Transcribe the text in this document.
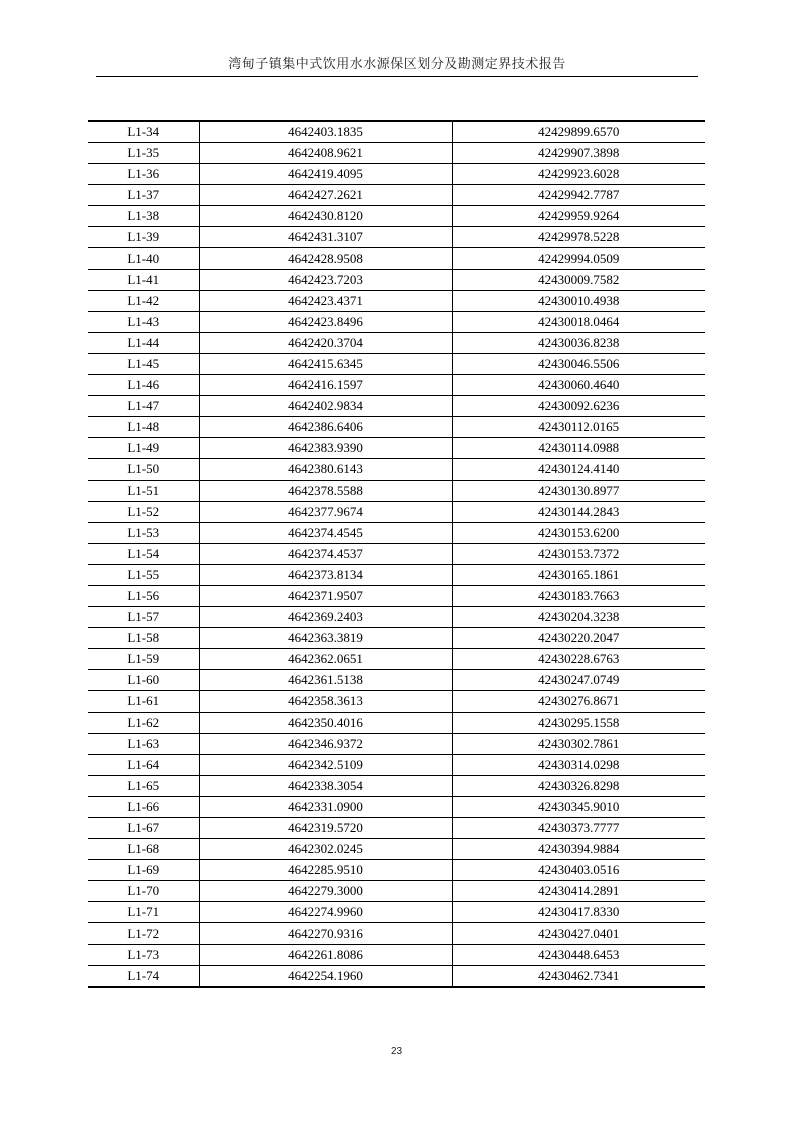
湾甸子镇集中式饮用水水源保区划分及勘测定界技术报告
L1-34	4642403.1835	42429899.6570
L1-35	4642408.9621	42429907.3898
L1-36	4642419.4095	42429923.6028
L1-37	4642427.2621	42429942.7787
L1-38	4642430.8120	42429959.9264
L1-39	4642431.3107	42429978.5228
L1-40	4642428.9508	42429994.0509
L1-41	4642423.7203	42430009.7582
L1-42	4642423.4371	42430010.4938
L1-43	4642423.8496	42430018.0464
L1-44	4642420.3704	42430036.8238
L1-45	4642415.6345	42430046.5506
L1-46	4642416.1597	42430060.4640
L1-47	4642402.9834	42430092.6236
L1-48	4642386.6406	42430112.0165
L1-49	4642383.9390	42430114.0988
L1-50	4642380.6143	42430124.4140
L1-51	4642378.5588	42430130.8977
L1-52	4642377.9674	42430144.2843
L1-53	4642374.4545	42430153.6200
L1-54	4642374.4537	42430153.7372
L1-55	4642373.8134	42430165.1861
L1-56	4642371.9507	42430183.7663
L1-57	4642369.2403	42430204.3238
L1-58	4642363.3819	42430220.2047
L1-59	4642362.0651	42430228.6763
L1-60	4642361.5138	42430247.0749
L1-61	4642358.3613	42430276.8671
L1-62	4642350.4016	42430295.1558
L1-63	4642346.9372	42430302.7861
L1-64	4642342.5109	42430314.0298
L1-65	4642338.3054	42430326.8298
L1-66	4642331.0900	42430345.9010
L1-67	4642319.5720	42430373.7777
L1-68	4642302.0245	42430394.9884
L1-69	4642285.9510	42430403.0516
L1-70	4642279.3000	42430414.2891
L1-71	4642274.9960	42430417.8330
L1-72	4642270.9316	42430427.0401
L1-73	4642261.8086	42430448.6453
L1-74	4642254.1960	42430462.7341
23
